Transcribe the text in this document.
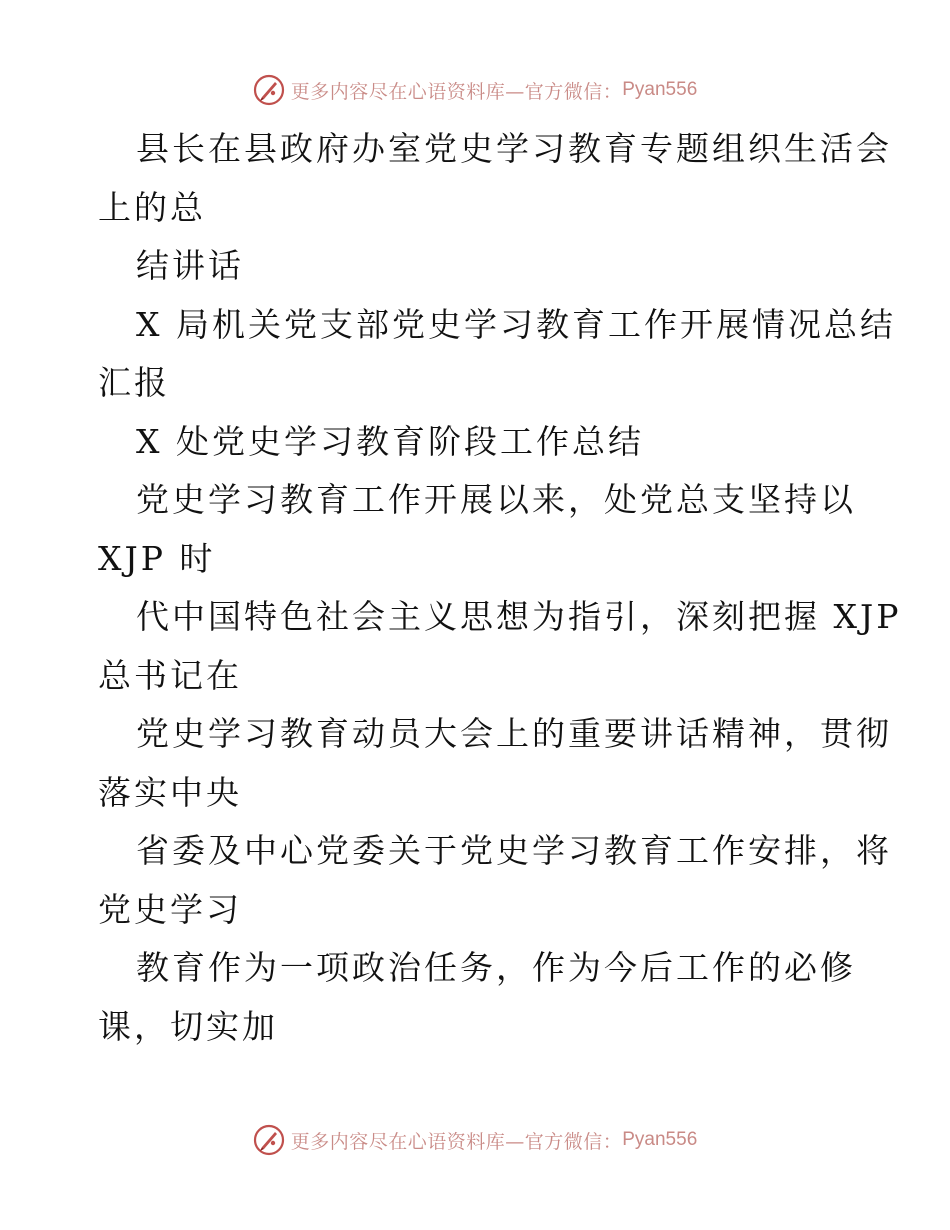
更多内容尽在心语资料库—官方微信： Pyan556
县长在县政府办室党史学习教育专题组织生活会
上的总
结讲话
X 局机关党支部党史学习教育工作开展情况总结
汇报
X 处党史学习教育阶段工作总结
党史学习教育工作开展以来，处党总支坚持以
XJP 时
代中国特色社会主义思想为指引，深刻把握 XJP
总书记在
党史学习教育动员大会上的重要讲话精神，贯彻
落实中央
省委及中心党委关于党史学习教育工作安排，将
党史学习
教育作为一项政治任务，作为今后工作的必修
课，切实加
更多内容尽在心语资料库—官方微信： Pyan556
